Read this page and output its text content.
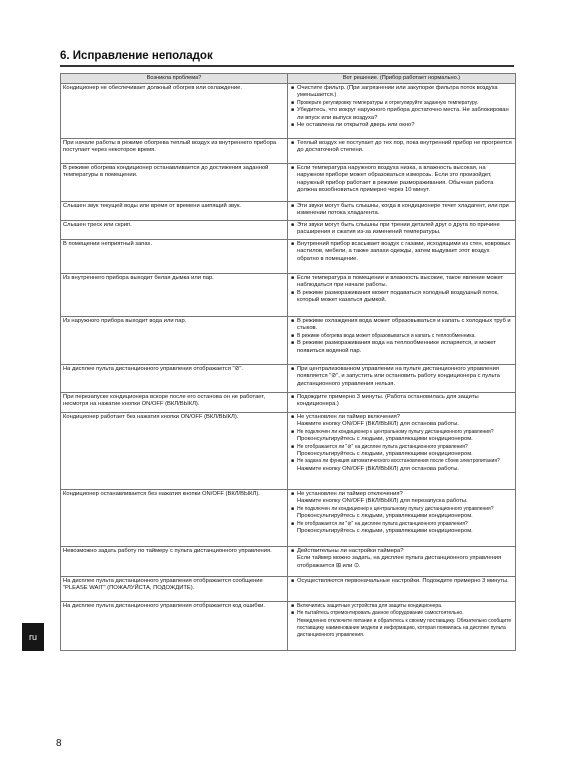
6. Исправление неполадок
Возникла проблема?	Вот решение. (Прибор работает нормально.)
Кондиционер не обеспечивает должный обогрев или охлаждение.	■ Очистите фильтр. (При загрязнении или закупорке фильтра поток воздуха уменьшается.)
■ Проверьте регулировку температуры и отрегулируйте заданную температуру.
■ Убедитесь, что вокруг наружного прибора достаточно места. Не заблокирован ли впуск или выпуск воздуха?
■ Не оставлена ли открытой дверь или окно?
При начале работы в режиме обогрева теплый воздух из внутреннего прибора поступает через некоторое время.
■ Теплый воздух не поступает до тех пор, пока внутренний прибор не прогреется до достаточной степени.
В режиме обогрева кондиционер останавливается до достижения заданной температуры в помещении.
■ Если температура наружного воздуха низка, а влажность высокая, на наружном приборе может образоваться изморозь. Если это произойдет, наружный прибор работает в режиме размораживания. Обычная работа должна возобновиться примерно через 10 минут.
Слышен звук текущей воды или время от времени шипящий звук.	■ Эти звуки могут быть слышны, когда в кондиционере течет хладагент, или при изменении потока хладагента.
Слышен треск или скрип.	■ Эти звуки могут быть слышны при трении деталей друг о друга по причине расширения и сжатия из-за изменений температуры.
В помещении неприятный запах.	■ Внутренний прибор всасывает воздух с газами, исходящими из стен, ковровых настилов, мебели, а также запахи одежды, затем выдувает этот воздух обратно в помещение.
Из внутреннего прибора выходит белая дымка или пар.	■ Если температура в помещении и влажность высокие, такое явление может наблюдаться при начале работы.
■ В режиме размораживания может подаваться холодный воздушный поток, который может казаться дымкой.
Из наружного прибора выходит вода или пар.	■ В режиме охлаждения вода может образовываться и капать с холодных труб и стыков.
■ В режиме обогрева вода может образовываться и капать с теплообменника.
■ В режиме размораживания вода на теплообменнике испаряется, и может появиться водяной пар.
На дисплее пульта дистанционного управления отображается "⊘".	■ При централизованном управлении на пульте дистанционного управления появляется "⊘", и запустить или остановить работу кондиционера с пульта дистанционного управления нельзя.
При перезапуске кондиционера вскоре после его останова он не работает, несмотря на нажатие кнопки ON/OFF (ВКЛ/ВЫКЛ).
■ Подождите примерно 3 минуты. (Работа остановилась для защиты кондиционера.)
Кондиционер работает без нажатия кнопки ON/OFF (ВКЛ/ВЫКЛ).	■ Не установлен ли таймер включения?
Нажмите кнопку ON/OFF (ВКЛ/ВЫКЛ) для останова работы.
■ Не подключен ли кондиционер к центральному пульту дистанционного управления?
Проконсультируйтесь с людьми, управляющими кондиционером.
■ Не отображается ли "⊘" на дисплее пульта дистанционного управления?
Проконсультируйтесь с людьми, управляющими кондиционером.
■ Не задана ли функция автоматического восстановления после сбоев электропитания?
Нажмите кнопку ON/OFF (ВКЛ/ВЫКЛ) для останова работы.
Кондиционер останавливается без нажатия кнопки ON/OFF (ВКЛ/ВЫКЛ).	■ Не установлен ли таймер отключения?
Нажмите кнопку ON/OFF (ВКЛ/ВЫКЛ) для перезапуска работы.
■ Не подключен ли кондиционер к центральному пульту дистанционного управления?
Проконсультируйтесь с людьми, управляющими кондиционером.
■ Не отображается ли "⊘" на дисплее пульта дистанционного управления?
Проконсультируйтесь с людьми, управляющими кондиционером.
Невозможно задать работу по таймеру с пульта дистанционного управления.	■ Действительны ли настройки таймера?
Если таймер можно задать, на дисплее пульта дистанционного управления отображается ⊞ или ⊙.
На дисплее пульта дистанционного управления отображается сообщение "PLEASE WAIT" (ПОЖАЛУЙСТА, ПОДОЖДИТЕ).
■ Осуществляются первоначальные настройки. Подождите примерно 3 минуты.
На дисплее пульта дистанционного управления отображается код ошибки.	■ Включились защитные устройства для защиты кондиционера.
■ Не пытайтесь отремонтировать данное оборудование самостоятельно.
Немедленно отключите питание и обратитесь к своему поставщику. Обязательно сообщите поставщику наименование модели и информацию, которая появилась на дисплее пульта дистанционного управления.
ru
8
